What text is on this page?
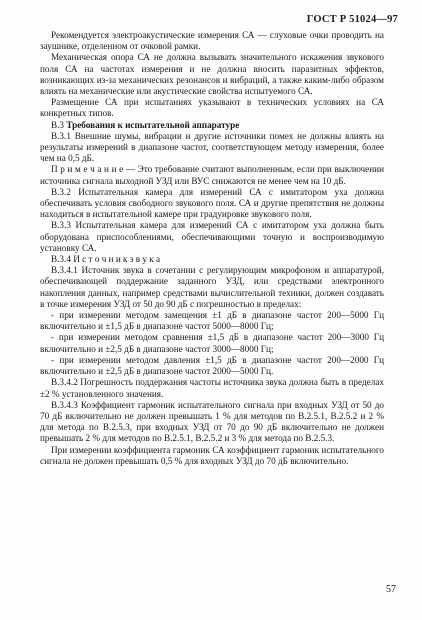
ГОСТ Р 51024—97

Рекомендуется электроакустические измерения СА — слуховые очки проводить на заушнике, отделенном от очковой рамки.

Механическая опора СА не должна вызывать значительного искажения звукового поля СА на частотах измерения и не должна вносить паразитных эффектов, возникающих из-за механических резонансов и вибраций, а также каким-либо образом влиять на механические или акустические свойства испытуемого СА.

Размещение СА при испытаниях указывают в технических условиях на СА конкретных типов.

В.3 Требования к испытательной аппаратуре

В.3.1 Внешние шумы, вибрации и другие источники помех не должны влиять на результаты измерений в диапазоне частот, соответствующем методу измерения, более чем на 0,5 дБ.

П р и м е ч а н и е — Это требование считают выполненным, если при выключении источника сигнала выходной УЗД или ВУС снижаются не менее чем на 10 дБ.

В.3.2 Испытательная камера для измерений СА с имитатором уха должна обеспечивать условия свободного звукового поля. СА и другие препятствия не должны находиться в испытательной камере при градуировке звукового поля.

В.3.3 Испытательная камера для измерений СА с имитатором уха должна быть оборудована приспособлениями, обеспечивающими точную и воспроизводимую установку СА.

В.3.4 И с т о ч н и к з в у к а

В.3.4.1 Источник звука в сочетании с регулирующим микрофоном и аппаратурой, обеспечивающей поддержание заданного УЗД, или средствами электронного накопления данных, например средствами вычислительной техники, должен создавать в точке измерения УЗД от 50 до 90 дБ с погрешностью в пределах:

- при измерении методом замещения ±1 дБ в диапазоне частот 200—5000 Гц включительно и ±1,5 дБ в диапазоне частот 5000—8000 Гц;

- при измерении методом сравнения ±1,5 дБ в диапазоне частот 200—3000 Гц включительно и ±2,5 дБ в диапазоне частот 3000—8000 Гц;

- при измерении методом давления ±1,5 дБ в диапазоне частот 200—2000 Гц включительно и ±2,5 дБ в диапазоне частот 2000—5000 Гц.

В.3.4.2 Погрешность поддержания частоты источника звука должна быть в пределах ±2 % установленного значения.

В.3.4.3 Коэффициент гармоник испытательного сигнала при входных УЗД от 50 до 70 дБ включительно не должен превышать 1 % для методов по В.2.5.1, В.2.5.2 и 2 % для метода по В.2.5.3, при входных УЗД от 70 до 90 дБ включительно не должен превышать 2 % для методов по В.2.5.1, В.2.5.2 и 3 % для метода по В.2.5.3.

При измерении коэффициента гармоник СА коэффициент гармоник испытательного сигнала не должен превышать 0,5 % для входных УЗД до 70 дБ включительно.

57
